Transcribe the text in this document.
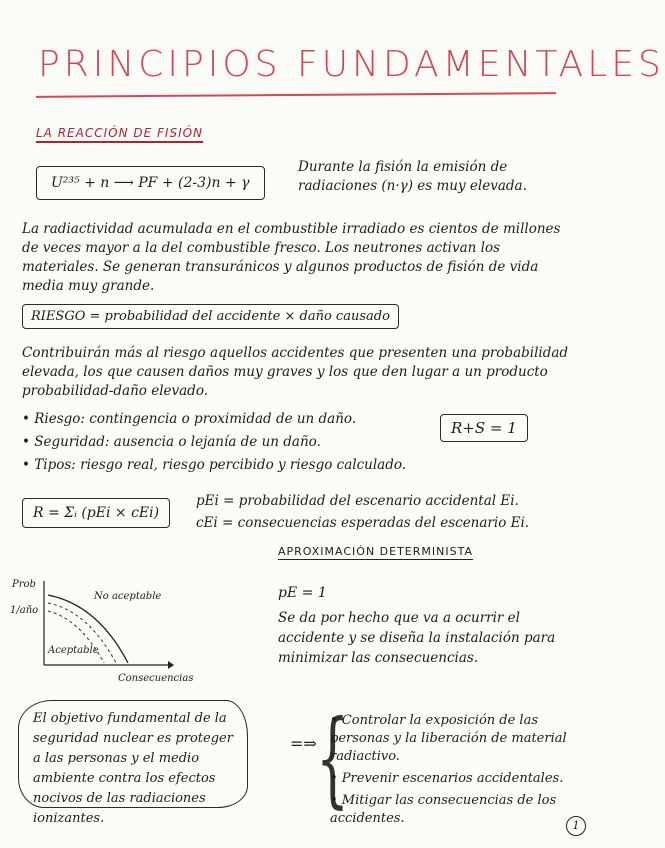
PRINCIPIOS FUNDAMENTALES
LA REACCIÓN DE FISIÓN
U²³⁵ + n ⟶ PF + (2-3)n + γ
Durante la fisión la emisión de radiaciones (n·γ) es muy elevada.
La radiactividad acumulada en el combustible irradiado es cientos de millones de veces mayor a la del combustible fresco. Los neutrones activan los materiales. Se generan transuránicos y algunos productos de fisión de vida media muy grande.
RIESGO = probabilidad del accidente × daño causado
Contribuirán más al riesgo aquellos accidentes que presenten una probabilidad elevada, los que causen daños muy graves y los que den lugar a un producto probabilidad-daño elevado.
• Riesgo: contingencia o proximidad de un daño.
• Seguridad: ausencia o lejanía de un daño.
• Tipos: riesgo real, riesgo percibido y riesgo calculado.
R+S = 1
R = Σᵢ (pEi × cEi)
pEi = probabilidad del escenario accidental Ei.
cEi = consecuencias esperadas del escenario Ei.
APROXIMACIÓN DETERMINISTA
pE = 1
Se da por hecho que va a ocurrir el accidente y se diseña la instalación para minimizar las consecuencias.
Prob
1/año
No aceptable
Aceptable
Consecuencias
El objetivo fundamental de la seguridad nuclear es proteger a las personas y el medio ambiente contra los efectos nocivos de las radiaciones ionizantes.
=⇒ {
• Controlar la exposición de las personas y la liberación de material radiactivo.
• Prevenir escenarios accidentales.
• Mitigar las consecuencias de los accidentes.	1
